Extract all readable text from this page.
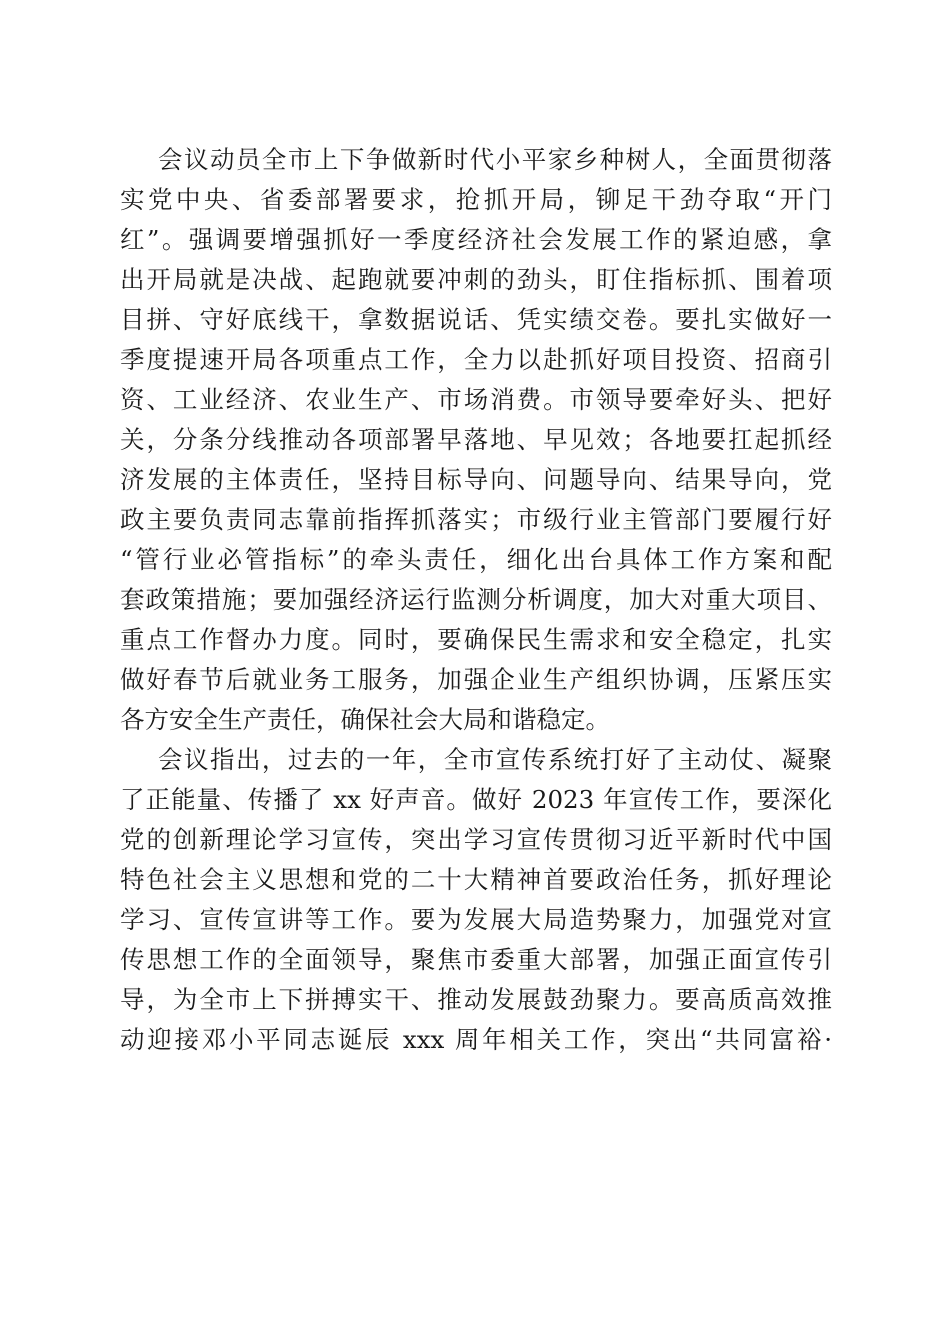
会议动员全市上下争做新时代小平家乡种树人，全面贯彻落
实党中央、省委部署要求，抢抓开局，铆足干劲夺取“开门
红”。强调要增强抓好一季度经济社会发展工作的紧迫感，拿
出开局就是决战、起跑就要冲刺的劲头，盯住指标抓、围着项
目拼、守好底线干，拿数据说话、凭实绩交卷。要扎实做好一
季度提速开局各项重点工作，全力以赴抓好项目投资、招商引
资、工业经济、农业生产、市场消费。市领导要牵好头、把好
关，分条分线推动各项部署早落地、早见效；各地要扛起抓经
济发展的主体责任，坚持目标导向、问题导向、结果导向，党
政主要负责同志靠前指挥抓落实；市级行业主管部门要履行好
“管行业必管指标”的牵头责任，细化出台具体工作方案和配
套政策措施；要加强经济运行监测分析调度，加大对重大项目、
重点工作督办力度。同时，要确保民生需求和安全稳定，扎实
做好春节后就业务工服务，加强企业生产组织协调，压紧压实
各方安全生产责任，确保社会大局和谐稳定。
会议指出，过去的一年，全市宣传系统打好了主动仗、凝聚
了正能量、传播了 xx 好声音。做好 2023 年宣传工作，要深化
党的创新理论学习宣传，突出学习宣传贯彻习近平新时代中国
特色社会主义思想和党的二十大精神首要政治任务，抓好理论
学习、宣传宣讲等工作。要为发展大局造势聚力，加强党对宣
传思想工作的全面领导，聚焦市委重大部署，加强正面宣传引
导，为全市上下拼搏实干、推动发展鼓劲聚力。要高质高效推
动迎接邓小平同志诞辰 xxx 周年相关工作，突出“共同富裕·
